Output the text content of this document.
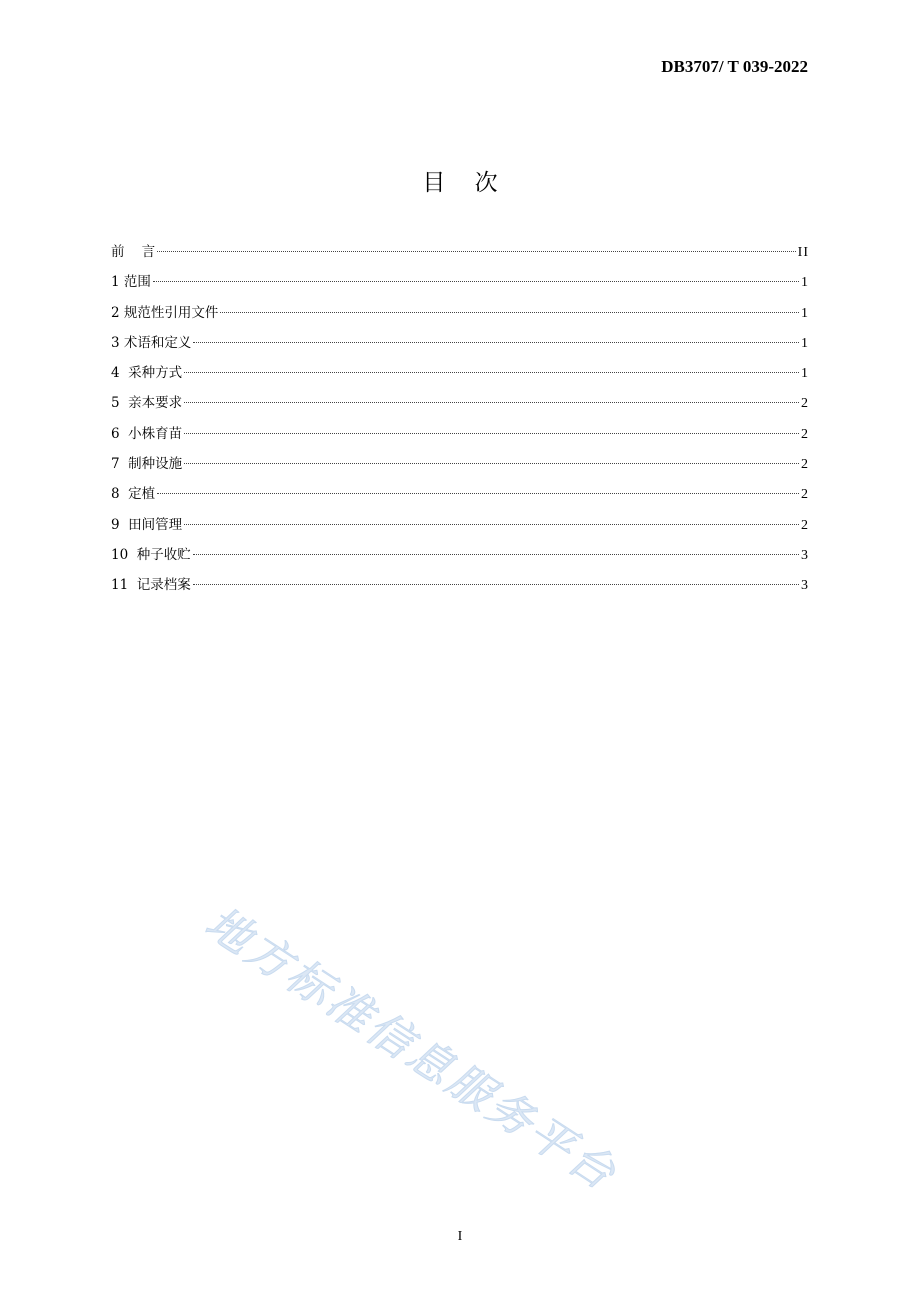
DB3707/ T 039-2022
目    次
前    言	II
1 范围	1
2 规范性引用文件	1
3 术语和定义	1
4  采种方式	1
5  亲本要求	2
6  小株育苗	2
7  制种设施	2
8  定植	2
9  田间管理	2
10  种子收贮	3
11  记录档案	3
地方标准信息服务平台
I
